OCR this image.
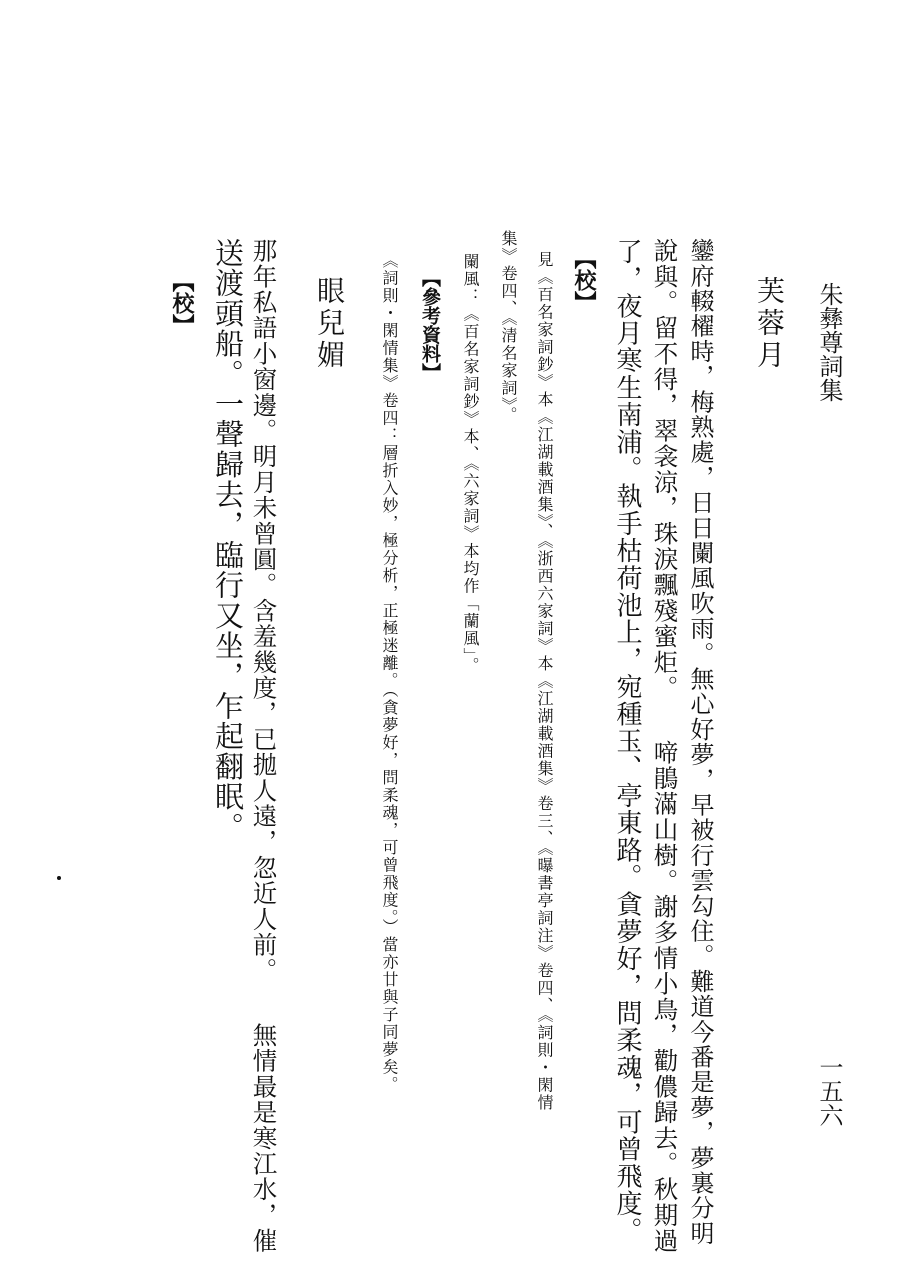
朱彝尊詞集
一五六
芙蓉月
鑾府輟櫂時，梅熟處，日日闌風吹雨。無心好夢，早被行雲勾住。難道今番是夢，夢裏分明
說與。留不得，翠衾涼，珠淚飄殘蜜炬。　　啼鵑滿山樹。謝多情小鳥，勸儂歸去。秋期過
了，夜月寒生南浦。執手枯荷池上，宛種玉、亭東路。貪夢好，問柔魂，可曾飛度。
【校】
見《百名家詞鈔》本《江湖載酒集》、《浙西六家詞》本《江湖載酒集》卷三、《曝書亭詞注》卷四、《詞則・閑情
集》卷四、《清名家詞》。
闌風：《百名家詞鈔》本、《六家詞》本均作「蘭風」。
【參考資料】
《詞則・閑情集》卷四：層折入妙，極分析，正極迷離。（貪夢好，問柔魂，可曾飛度。）當亦廿與子同夢矣。
眼兒媚
那年私語小窗邊。明月未曾圓。含羞幾度，已拋人遠，忽近人前。　　無情最是寒江水，催
送渡頭船。一聲歸去，臨行又坐，乍起翻眠。
【校】
